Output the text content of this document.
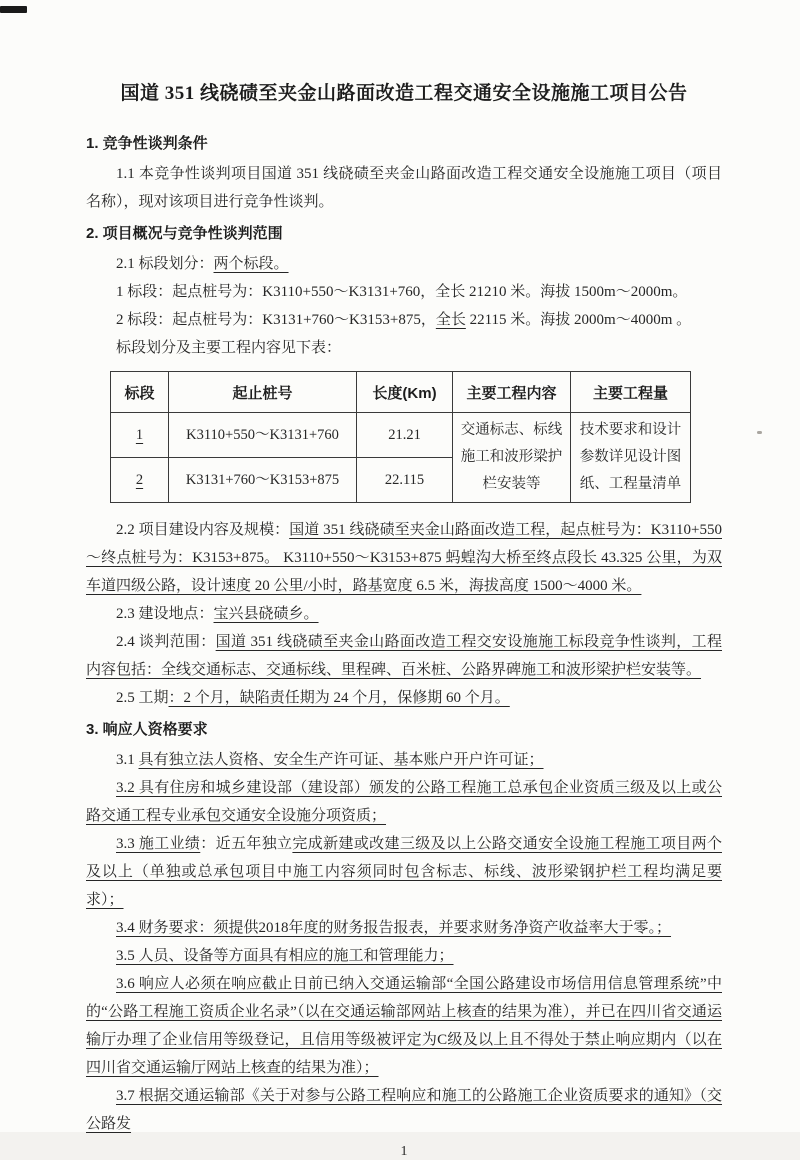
国道 351 线硗碛至夹金山路面改造工程交通安全设施施工项目公告
1. 竞争性谈判条件

1.1 本竞争性谈判项目国道 351 线硗碛至夹金山路面改造工程交通安全设施施工项目（项目名称），现对该项目进行竞争性谈判。

2. 项目概况与竞争性谈判范围

2.1 标段划分：两个标段。

1 标段：起点桩号为：K3110+550～K3131+760，全长 21210 米。海拔 1500m～2000m。

2 标段：起点桩号为：K3131+760～K3153+875，全长 22115 米。海拔 2000m～4000m 。

标段划分及主要工程内容见下表：

标段	起止桩号	长度(Km)	主要工程内容	主要工程量
1	K3110+550～K3131+760	21.21	交通标志、标线施工和波形梁护栏安装等	技术要求和设计参数详见设计图纸、工程量清单
2	K3131+760～K3153+875	22.115		

2.2 项目建设内容及规模：国道 351 线硗碛至夹金山路面改造工程，起点桩号为：K3110+550～终点桩号为：K3153+875。 K3110+550～K3153+875 蚂蝗沟大桥至终点段长 43.325 公里，为双车道四级公路，设计速度 20 公里/小时，路基宽度 6.5 米，海拔高度 1500～4000 米。

2.3 建设地点：宝兴县硗碛乡。

2.4 谈判范围：国道 351 线硗碛至夹金山路面改造工程交安设施施工标段竞争性谈判，工程内容包括：全线交通标志、交通标线、里程碑、百米桩、公路界碑施工和波形梁护栏安装等。

2.5 工期：2 个月，缺陷责任期为 24 个月，保修期 60 个月。

3. 响应人资格要求

3.1 具有独立法人资格、安全生产许可证、基本账户开户许可证；

3.2 具有住房和城乡建设部（建设部）颁发的公路工程施工总承包企业资质三级及以上或公路交通工程专业承包交通安全设施分项资质；

3.3 施工业绩：近五年独立完成新建或改建三级及以上公路交通安全设施工程施工项目两个及以上（单独或总承包项目中施工内容须同时包含标志、标线、波形梁钢护栏工程均满足要求）；

3.4 财务要求：须提供2018年度的财务报告报表，并要求财务净资产收益率大于零。；

3.5 人员、设备等方面具有相应的施工和管理能力；

3.6 响应人必须在响应截止日前已纳入交通运输部“全国公路建设市场信用信息管理系统”中的“公路工程施工资质企业名录”（以在交通运输部网站上核查的结果为准），并已在四川省交通运输厅办理了企业信用等级登记，且信用等级被评定为C级及以上且不得处于禁止响应期内（以在四川省交通运输厅网站上核查的结果为准）；

3.7 根据交通运输部《关于对参与公路工程响应和施工的公路施工企业资质要求的通知》（交公路发

1
